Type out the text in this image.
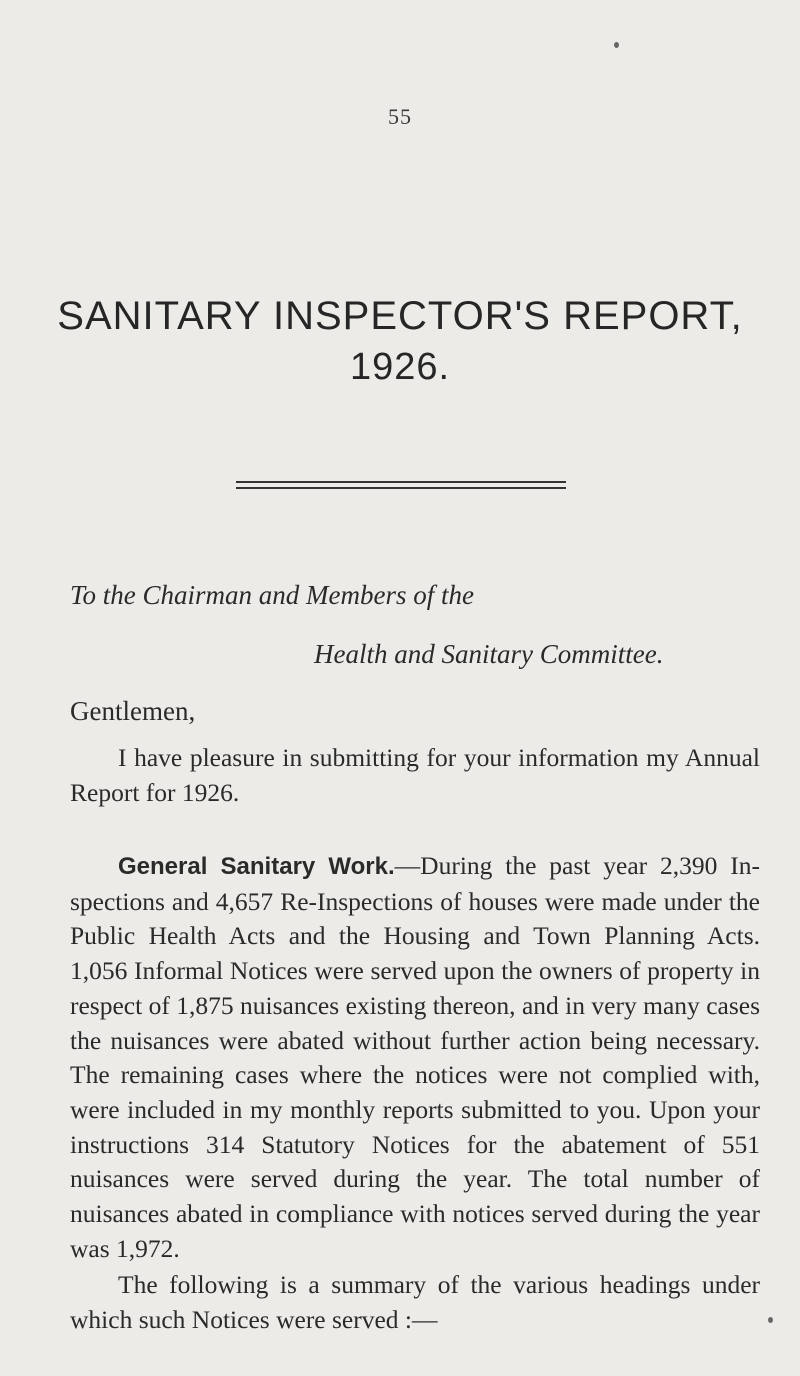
55
SANITARY INSPECTOR'S REPORT,
1926.
To the Chairman and Members of the
Health and Sanitary Committee.
Gentlemen,

I have pleasure in submitting for your information my Annual Report for 1926.

General Sanitary Work.—During the past year 2,390 In-spections and 4,657 Re-Inspections of houses were made under the Public Health Acts and the Housing and Town Planning Acts. 1,056 Informal Notices were served upon the owners of property in respect of 1,875 nuisances existing thereon, and in very many cases the nuisances were abated without further action being necessary. The remaining cases where the notices were not complied with, were included in my monthly reports submitted to you. Upon your instructions 314 Statutory Notices for the abatement of 551 nuisances were served during the year. The total number of nuisances abated in compliance with notices served during the year was 1,972.

The following is a summary of the various headings under which such Notices were served :—
